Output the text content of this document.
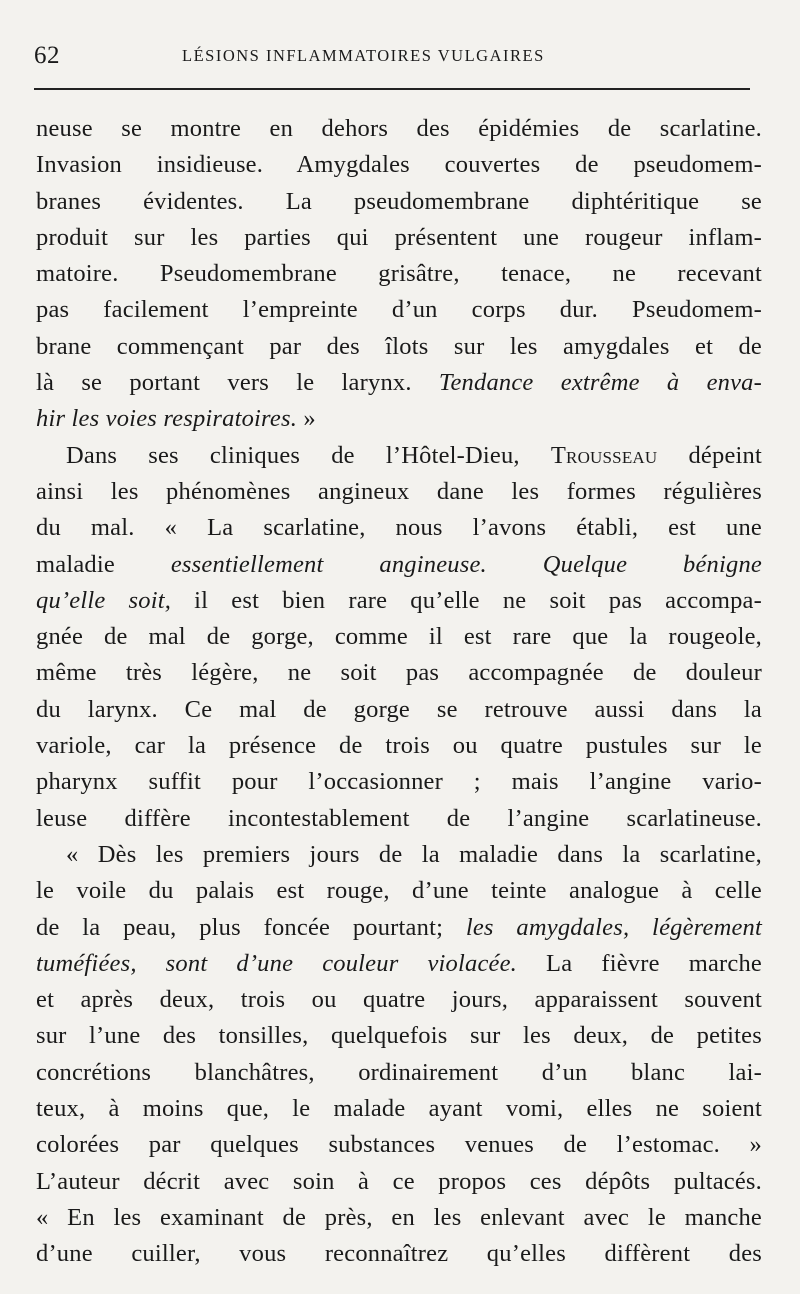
62	LÉSIONS INFLAMMATOIRES VULGAIRES
neuse se montre en dehors des épidémies de scarlatine.
Invasion insidieuse. Amygdales couvertes de pseudomem-
branes évidentes. La pseudomembrane diphtéritique se
produit sur les parties qui présentent une rougeur inflam-
matoire. Pseudomembrane grisâtre, tenace, ne recevant
pas facilement l’empreinte d’un corps dur. Pseudomem-
brane commençant par des îlots sur les amygdales et de
là se portant vers le larynx. Tendance extrême à enva-
hir les voies respiratoires. »
Dans ses cliniques de l’Hôtel-Dieu, Trousseau dépeint
ainsi les phénomènes angineux dane les formes régulières
du mal. « La scarlatine, nous l’avons établi, est une
maladie essentiellement angineuse. Quelque bénigne
qu’elle soit, il est bien rare qu’elle ne soit pas accompa-
gnée de mal de gorge, comme il est rare que la rougeole,
même très légère, ne soit pas accompagnée de douleur
du larynx. Ce mal de gorge se retrouve aussi dans la
variole, car la présence de trois ou quatre pustules sur le
pharynx suffit pour l’occasionner ; mais l’angine vario-
leuse diffère incontestablement de l’angine scarlatineuse.
« Dès les premiers jours de la maladie dans la scarlatine,
le voile du palais est rouge, d’une teinte analogue à celle
de la peau, plus foncée pourtant; les amygdales, légèrement
tuméfiées, sont d’une couleur violacée. La fièvre marche
et après deux, trois ou quatre jours, apparaissent souvent
sur l’une des tonsilles, quelquefois sur les deux, de petites
concrétions blanchâtres, ordinairement d’un blanc lai-
teux, à moins que, le malade ayant vomi, elles ne soient
colorées par quelques substances venues de l’estomac. »
L’auteur décrit avec soin à ce propos ces dépôts pultacés.
« En les examinant de près, en les enlevant avec le manche
d’une cuiller, vous reconnaîtrez qu’elles diffèrent des
